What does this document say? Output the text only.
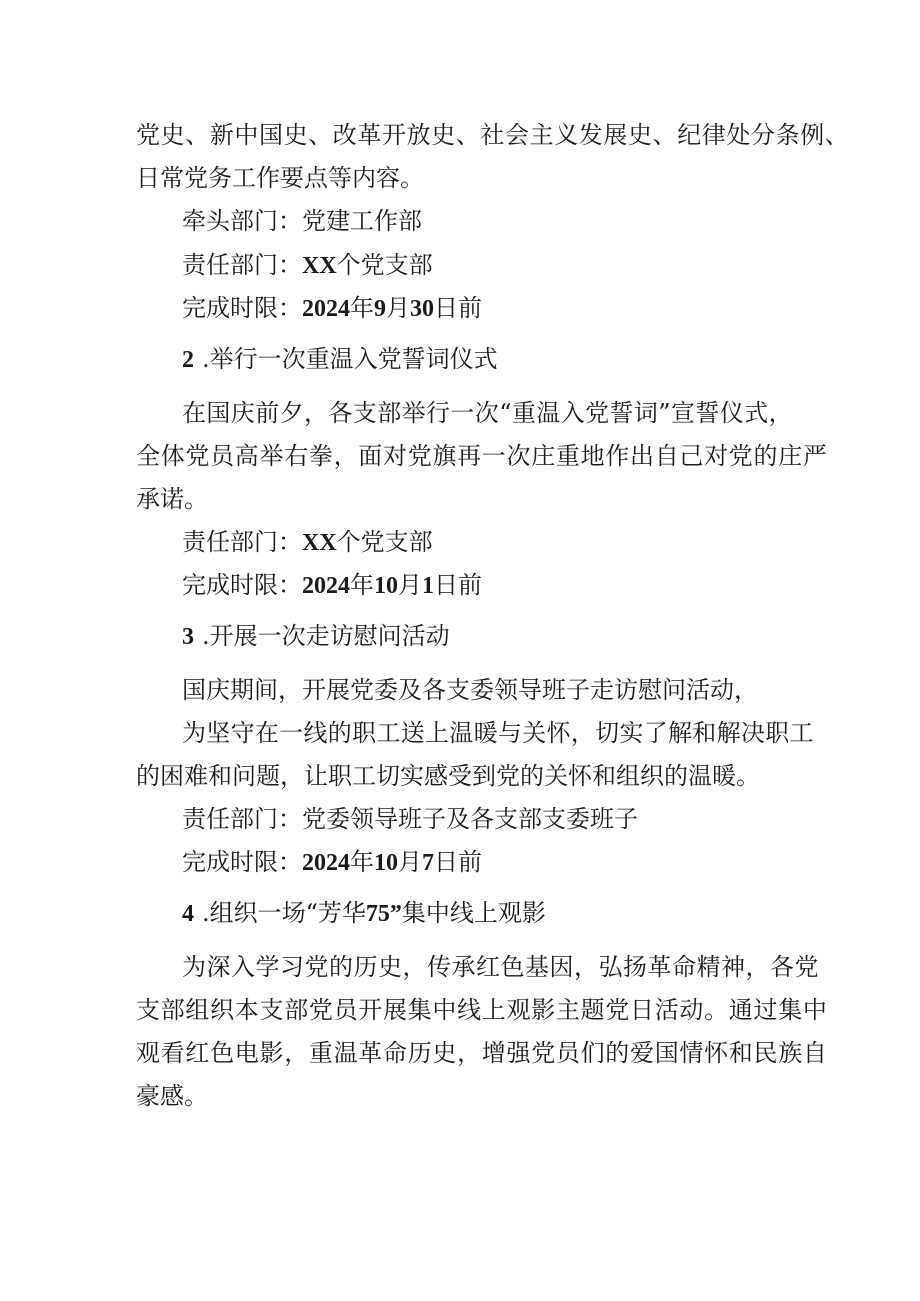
党史、新中国史、改革开放史、社会主义发展史、纪律处分条例、
日常党务工作要点等内容。
牵头部门：党建工作部
责任部门：XX个党支部
完成时限：2024年9月30日前
2 .举行一次重温入党誓词仪式
在国庆前夕，各支部举行一次“重温入党誓词”宣誓仪式，
全体党员高举右拳，面对党旗再一次庄重地作出自己对党的庄严
承诺。
责任部门：XX个党支部
完成时限：2024年10月1日前
3 .开展一次走访慰问活动
国庆期间，开展党委及各支委领导班子走访慰问活动，
为坚守在一线的职工送上温暖与关怀，切实了解和解决职工
的困难和问题，让职工切实感受到党的关怀和组织的温暖。
责任部门：党委领导班子及各支部支委班子
完成时限：2024年10月7日前
4 .组织一场“芳华75”集中线上观影
为深入学习党的历史，传承红色基因，弘扬革命精神，各党
支部组织本支部党员开展集中线上观影主题党日活动。通过集中
观看红色电影，重温革命历史，增强党员们的爱国情怀和民族自
豪感。
